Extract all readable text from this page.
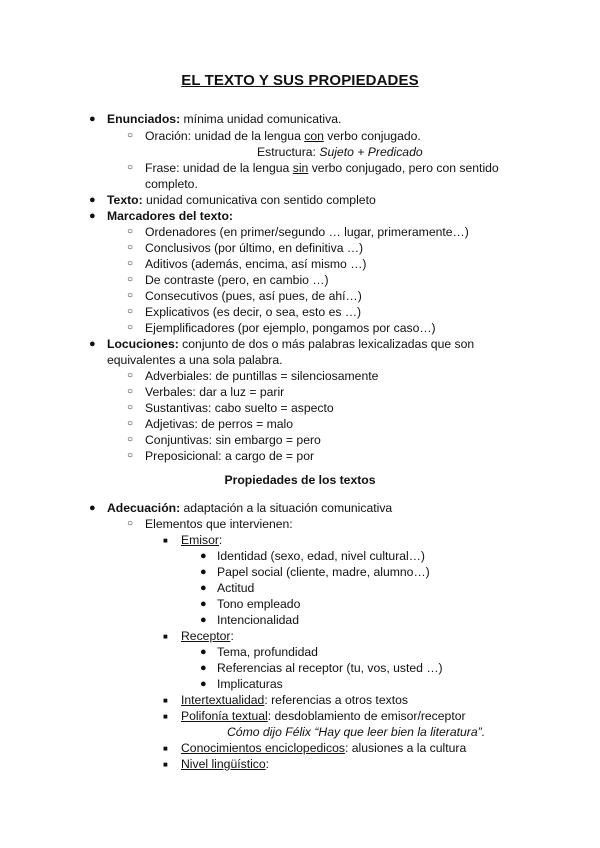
EL TEXTO Y SUS PROPIEDADES
● Enunciados: mínima unidad comunicativa.
○ Oración: unidad de la lengua con verbo conjugado.
Estructura: Sujeto + Predicado
○ Frase: unidad de la lengua sin verbo conjugado, pero con sentido
completo.
● Texto: unidad comunicativa con sentido completo
● Marcadores del texto:
○ Ordenadores (en primer/segundo … lugar, primeramente…)
○ Conclusivos (por último, en definitiva …)
○ Aditivos (además, encima, así mismo …)
○ De contraste (pero, en cambio …)
○ Consecutivos (pues, así pues, de ahí…)
○ Explicativos (es decir, o sea, esto es …)
○ Ejemplificadores (por ejemplo, pongamos por caso…)
● Locuciones: conjunto de dos o más palabras lexicalizadas que son
equivalentes a una sola palabra.
○ Adverbiales: de puntillas = silenciosamente
○ Verbales: dar a luz = parir
○ Sustantivas: cabo suelto = aspecto
○ Adjetivas: de perros = malo
○ Conjuntivas: sin embargo = pero
○ Preposicional: a cargo de = por
Propiedades de los textos
● Adecuación: adaptación a la situación comunicativa
○ Elementos que intervienen:
■ Emisor:
● Identidad (sexo, edad, nivel cultural…)
● Papel social (cliente, madre, alumno…)
● Actitud
● Tono empleado
● Intencionalidad
■ Receptor:
● Tema, profundidad
● Referencias al receptor (tu, vos, usted …)
● Implicaturas
■ Intertextualidad: referencias a otros textos
■ Polifonía textual: desdoblamiento de emisor/receptor
Cómo dijo Félix “Hay que leer bien la literatura”.
■ Conocimientos enciclopedicos: alusiones a la cultura
■ Nivel lingüístico:
